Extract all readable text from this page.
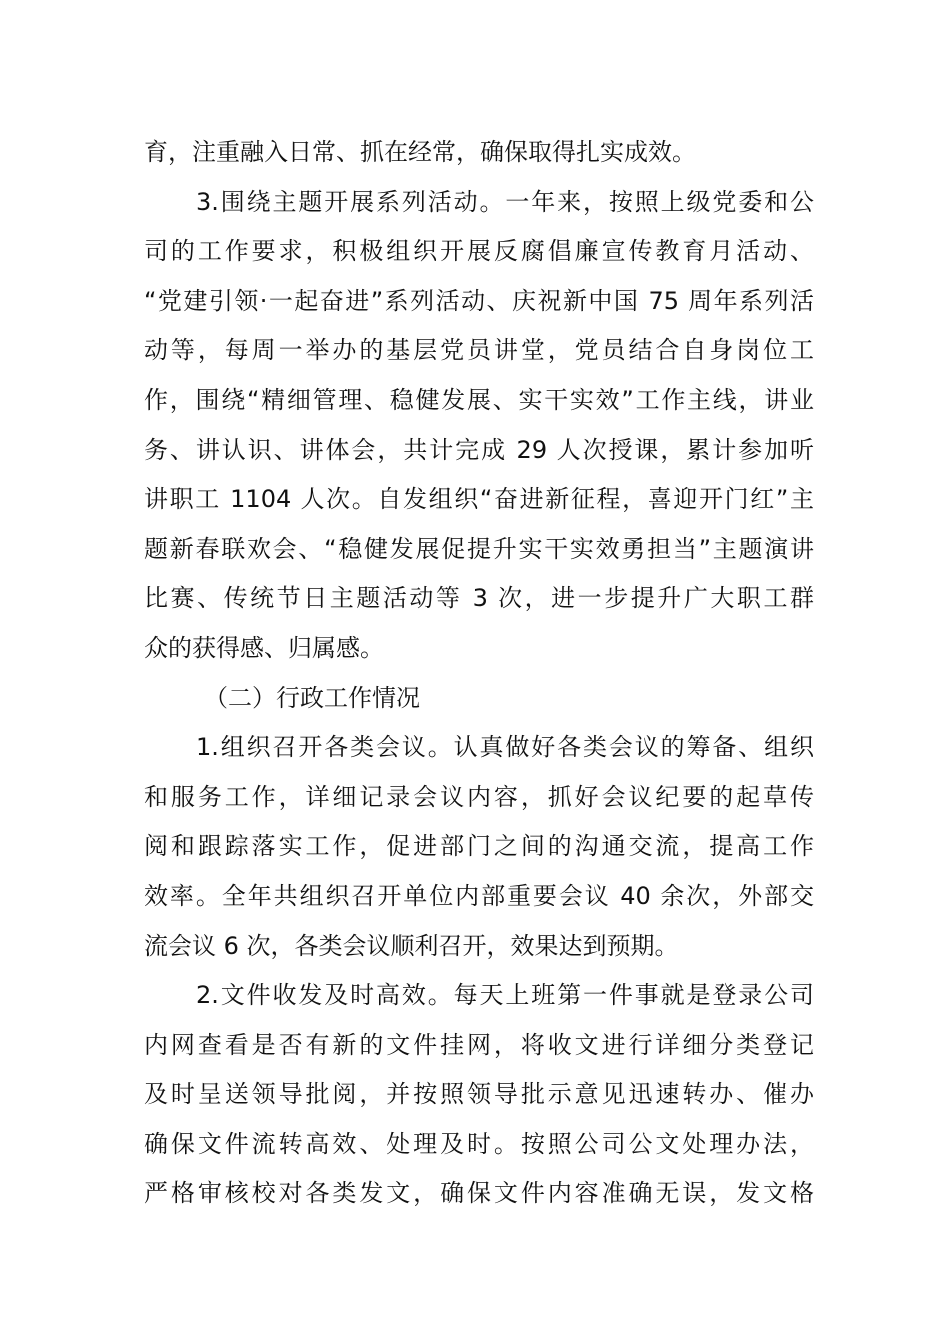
育，注重融入日常、抓在经常，确保取得扎实成效。
3.围绕主题开展系列活动。一年来，按照上级党委和公
司的工作要求，积极组织开展反腐倡廉宣传教育月活动、
“党建引领·一起奋进”系列活动、庆祝新中国 75 周年系列活
动等，每周一举办的基层党员讲堂，党员结合自身岗位工
作，围绕“精细管理、稳健发展、实干实效”工作主线，讲业
务、讲认识、讲体会，共计完成 29 人次授课，累计参加听
讲职工 1104 人次。自发组织“奋进新征程，喜迎开门红”主
题新春联欢会、“稳健发展促提升实干实效勇担当”主题演讲
比赛、传统节日主题活动等 3 次，进一步提升广大职工群
众的获得感、归属感。
（二）行政工作情况
1.组织召开各类会议。认真做好各类会议的筹备、组织
和服务工作，详细记录会议内容，抓好会议纪要的起草传
阅和跟踪落实工作，促进部门之间的沟通交流，提高工作
效率。全年共组织召开单位内部重要会议 40 余次，外部交
流会议 6 次，各类会议顺利召开，效果达到预期。
2.文件收发及时高效。每天上班第一件事就是登录公司
内网查看是否有新的文件挂网，将收文进行详细分类登记
及时呈送领导批阅，并按照领导批示意见迅速转办、催办
确保文件流转高效、处理及时。按照公司公文处理办法，
严格审核校对各类发文，确保文件内容准确无误，发文格
